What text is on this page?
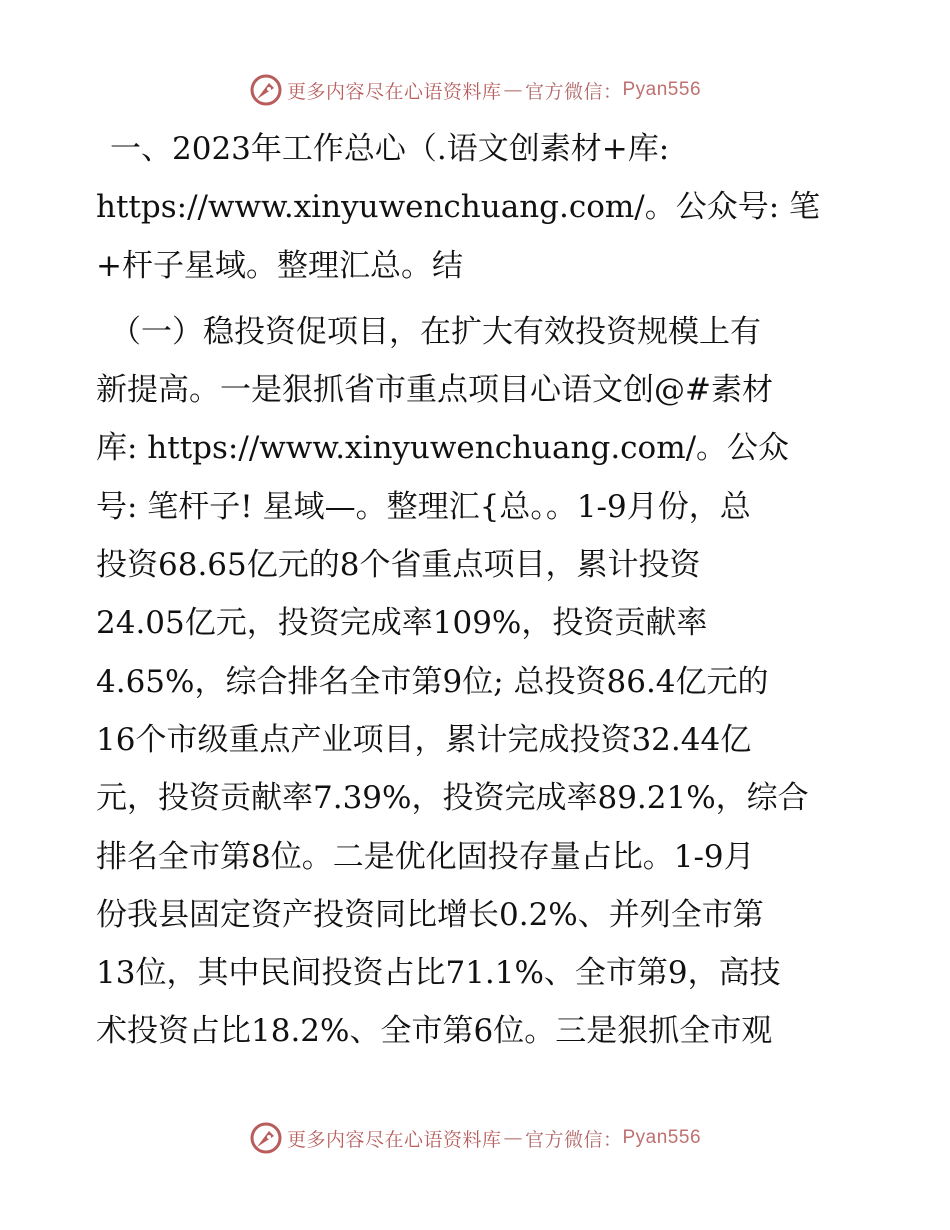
更多内容尽在心语资料库 — 官方微信： Pyan556
一、2023年工作总心（.语文创素材+库:
https://www.xinyuwenchuang.com/。公众号: 笔
+杆子星域。整理汇总。结
（一）稳投资促项目，在扩大有效投资规模上有
新提高。一是狠抓省市重点项目心语文创@#素材
库: https://www.xinyuwenchuang.com/。公众
号: 笔杆子! 星域—。整理汇{总。。1-9月份，总
投资68.65亿元的8个省重点项目，累计投资
24.05亿元，投资完成率109%，投资贡献率
4.65%，综合排名全市第9位; 总投资86.4亿元的
16个市级重点产业项目，累计完成投资32.44亿
元，投资贡献率7.39%，投资完成率89.21%，综合
排名全市第8位。二是优化固投存量占比。1-9月
份我县固定资产投资同比增长0.2%、并列全市第
13位，其中民间投资占比71.1%、全市第9，高技
术投资占比18.2%、全市第6位。三是狠抓全市观
更多内容尽在心语资料库 — 官方微信： Pyan556
